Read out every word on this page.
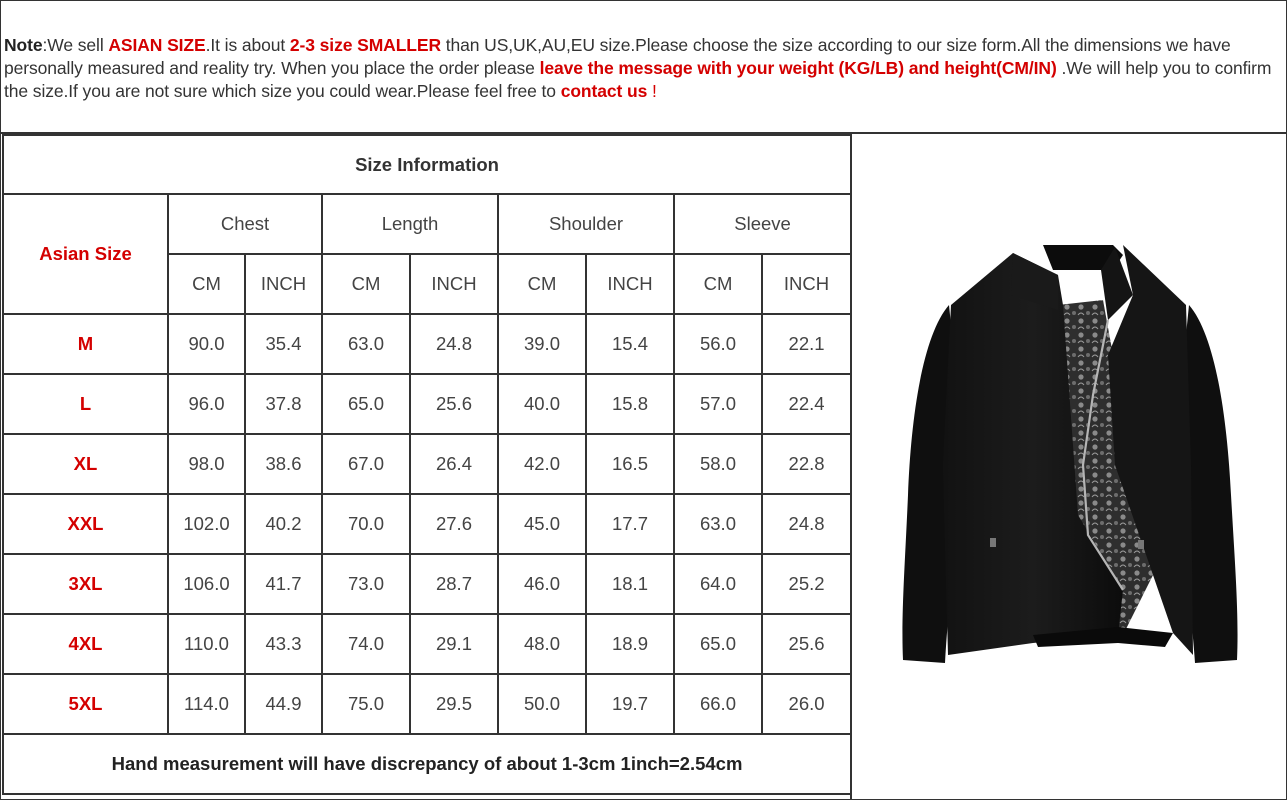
Note:We sell ASIAN SIZE.It is about 2-3 size SMALLER than US,UK,AU,EU size.Please choose the size according to our size form.All the dimensions we have personally measured and reality try. When you place the order please leave the message with your weight (KG/LB) and height(CM/IN) .We will help you to confirm the size.If you are not sure which size you could wear.Please feel free to contact us !
Size Information								
Asian Size	Chest		Length		Shoulder		Sleeve	
	CM	INCH	CM	INCH	CM	INCH	CM	INCH
M	90.0	35.4	63.0	24.8	39.0	15.4	56.0	22.1
L	96.0	37.8	65.0	25.6	40.0	15.8	57.0	22.4
XL	98.0	38.6	67.0	26.4	42.0	16.5	58.0	22.8
XXL	102.0	40.2	70.0	27.6	45.0	17.7	63.0	24.8
3XL	106.0	41.7	73.0	28.7	46.0	18.1	64.0	25.2
4XL	110.0	43.3	74.0	29.1	48.0	18.9	65.0	25.6
5XL	114.0	44.9	75.0	29.5	50.0	19.7	66.0	26.0
Hand measurement will have discrepancy of about 1-3cm 1inch=2.54cm								
